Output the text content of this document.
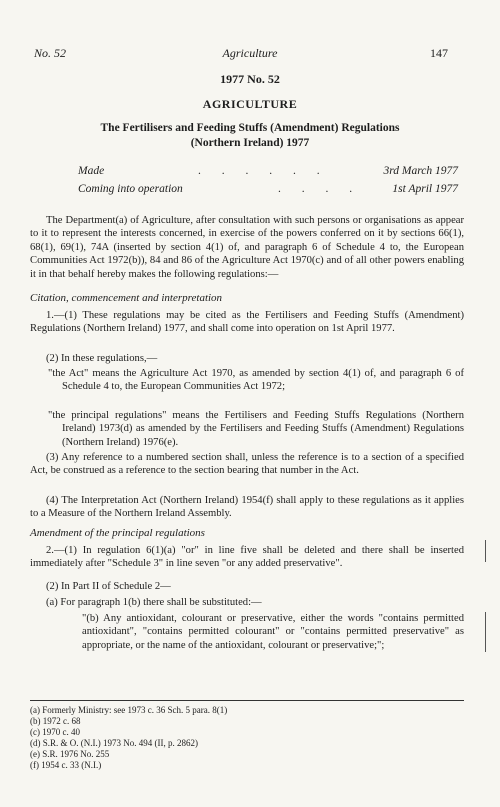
No. 52	Agriculture	147
1977 No. 52
AGRICULTURE
The Fertilisers and Feeding Stuffs (Amendment) Regulations
(Northern Ireland) 1977
Made	. . . . . .	3rd March 1977
Coming into operation	. . . .	1st April 1977
The Department(a) of Agriculture, after consultation with such persons or organisations as appear to it to represent the interests concerned, in exercise of the powers conferred on it by sections 66(1), 68(1), 69(1), 74A (inserted by section 4(1) of, and paragraph 6 of Schedule 4 to, the European Communities Act 1972(b)), 84 and 86 of the Agriculture Act 1970(c) and of all other powers enabling it in that behalf hereby makes the following regulations:—
Citation, commencement and interpretation
1.—(1) These regulations may be cited as the Fertilisers and Feeding Stuffs (Amendment) Regulations (Northern Ireland) 1977, and shall come into operation on 1st April 1977.
(2) In these regulations,—
"the Act" means the Agriculture Act 1970, as amended by section 4(1) of, and paragraph 6 of Schedule 4 to, the European Communities Act 1972;
"the principal regulations" means the Fertilisers and Feeding Stuffs Regulations (Northern Ireland) 1973(d) as amended by the Fertilisers and Feeding Stuffs (Amendment) Regulations (Northern Ireland) 1976(e).
(3) Any reference to a numbered section shall, unless the reference is to a section of a specified Act, be construed as a reference to the section bearing that number in the Act.
(4) The Interpretation Act (Northern Ireland) 1954(f) shall apply to these regulations as it applies to a Measure of the Northern Ireland Assembly.
Amendment of the principal regulations
2.—(1) In regulation 6(1)(a) "or" in line five shall be deleted and there shall be inserted immediately after "Schedule 3" in line seven "or any added preservative".
(2) In Part II of Schedule 2—
(a) For paragraph 1(b) there shall be substituted:—
"(b) Any antioxidant, colourant or preservative, either the words "contains permitted antioxidant", "contains permitted colourant" or "contains permitted preservative" as appropriate, or the name of the antioxidant, colourant or preservative;";
(a) Formerly Ministry: see 1973 c. 36 Sch. 5 para. 8(1)
(b) 1972 c. 68
(c) 1970 c. 40
(d) S.R. & O. (N.I.) 1973 No. 494 (II, p. 2862)
(e) S.R. 1976 No. 255
(f) 1954 c. 33 (N.I.)
